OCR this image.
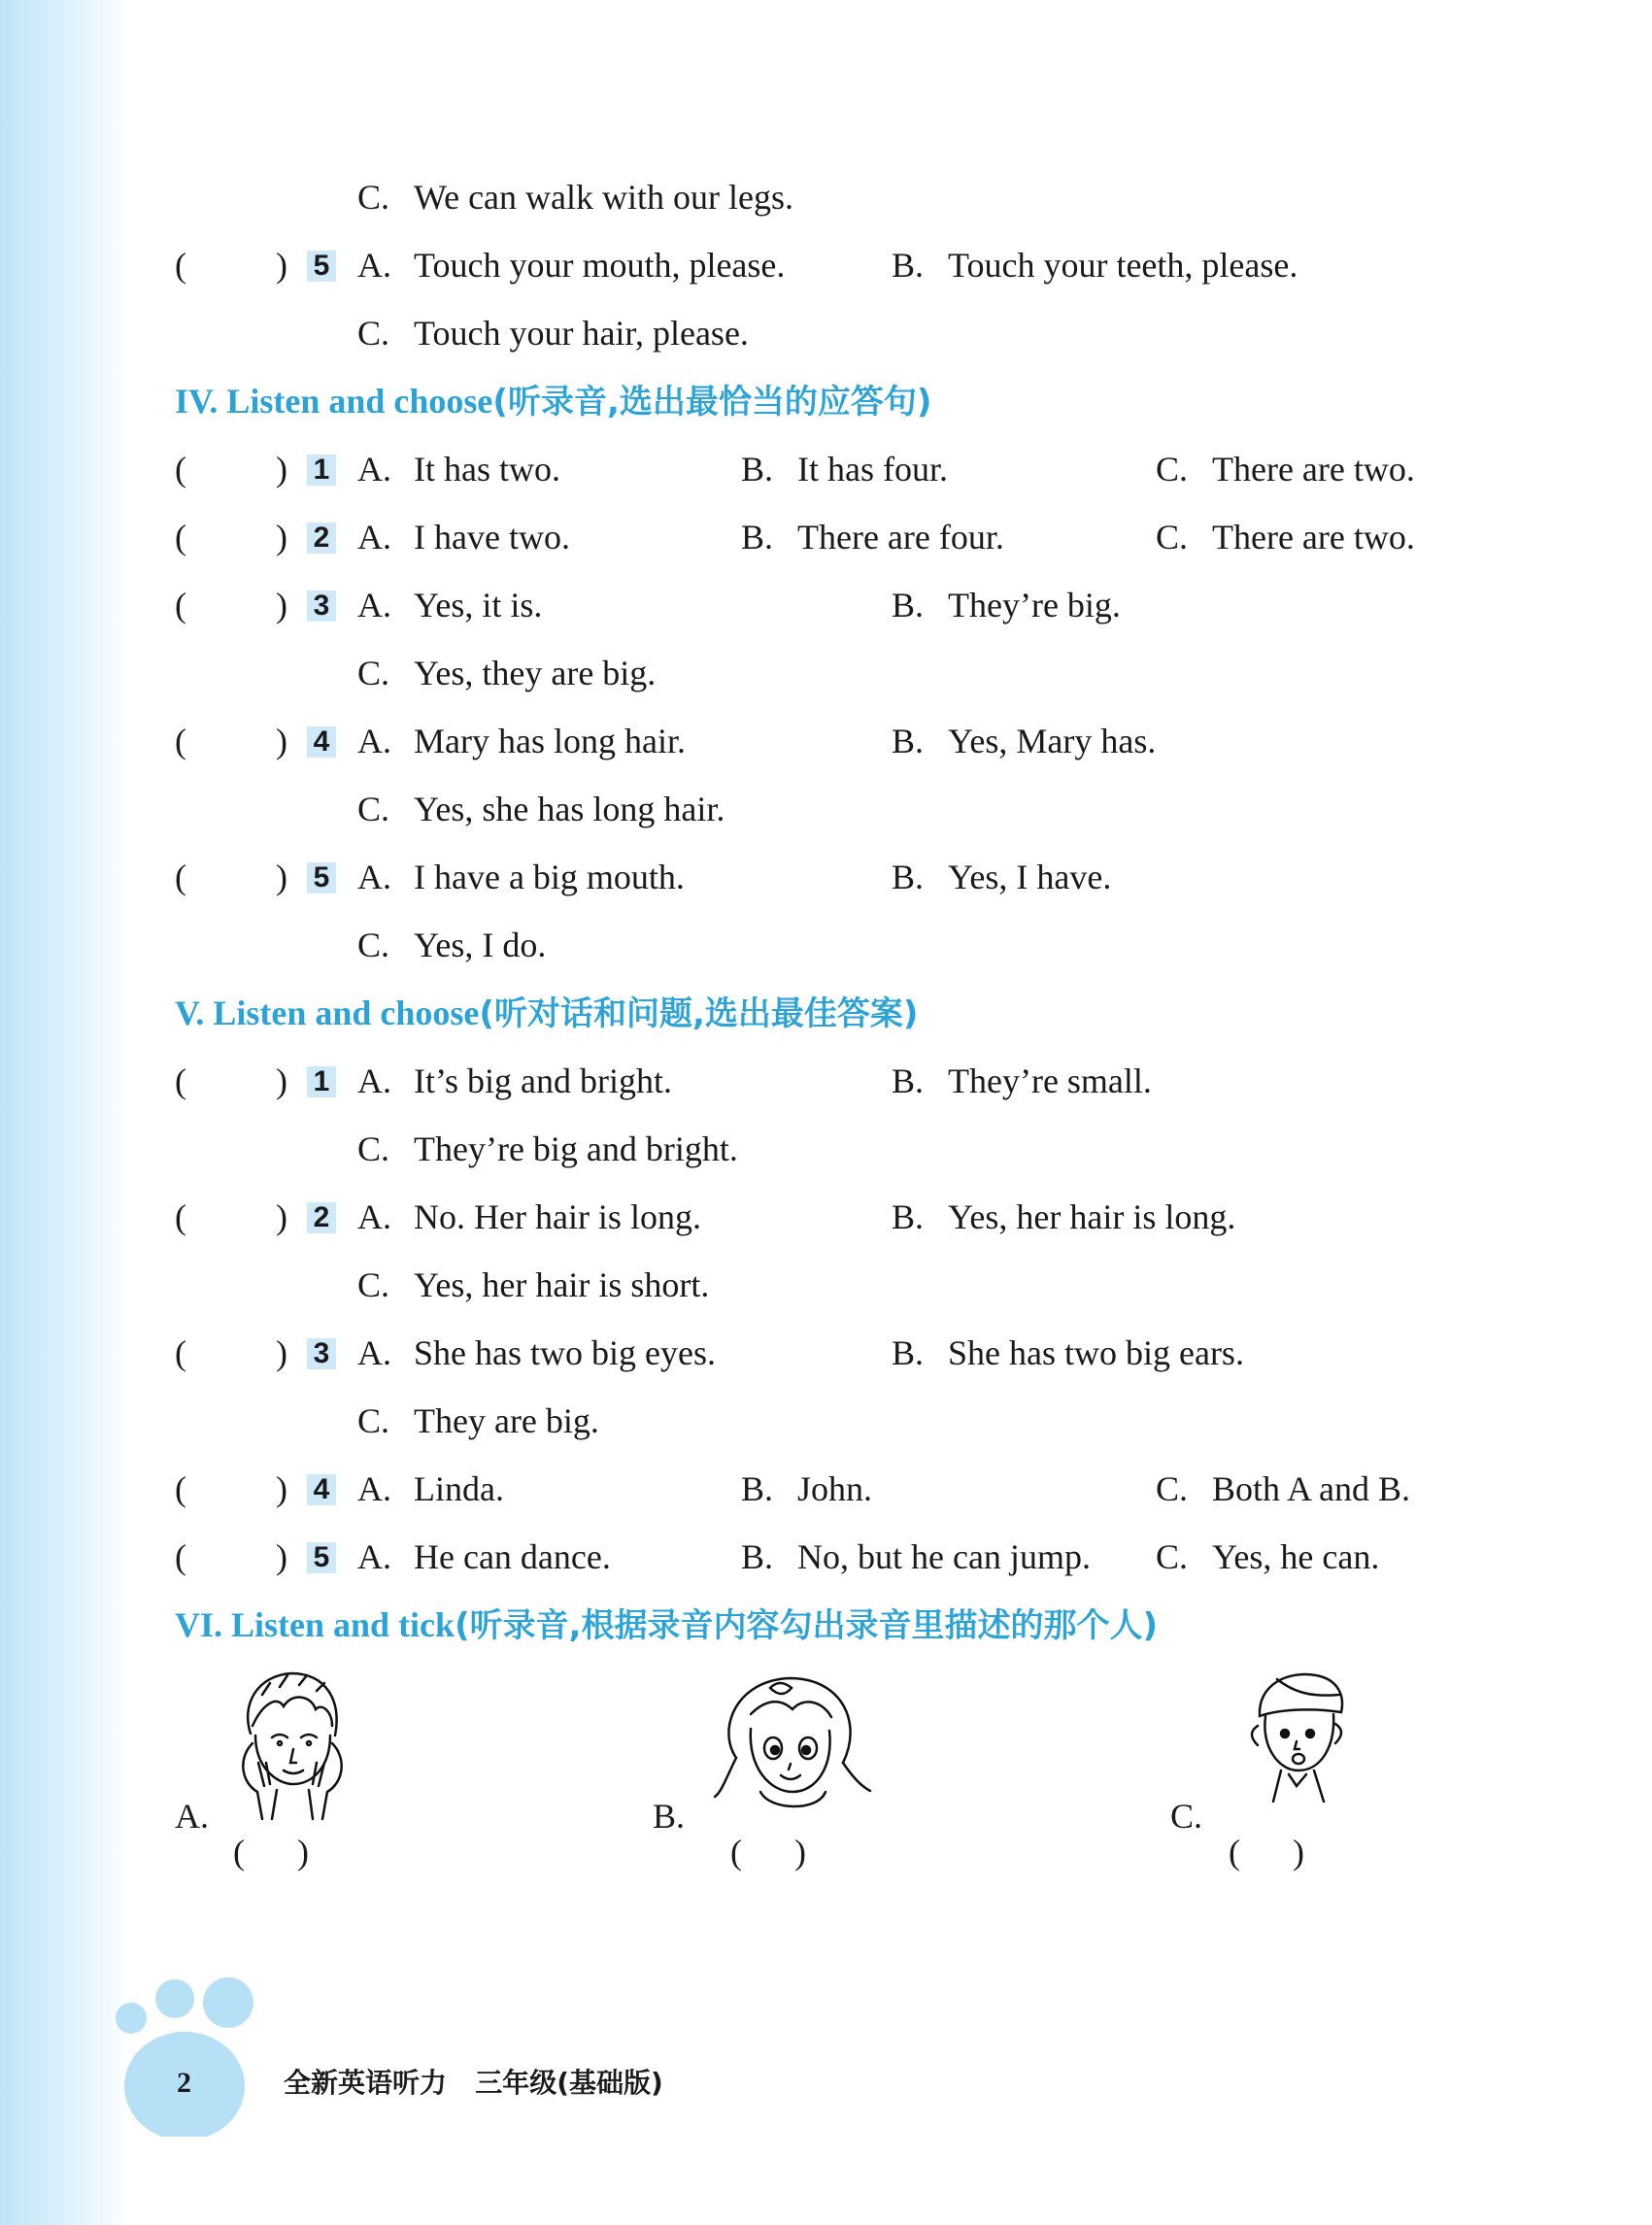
C. We can walk with our legs.
(	) 5 A. Touch your mouth, please.	B. Touch your teeth, please.
C. Touch your hair, please.
IV. Listen and choose(听录音,选出最恰当的应答句)
(	) 1 A. It has two.	B. It has four.	C. There are two.
(	) 2 A. I have two.	B. There are four.	C. There are two.
(	) 3 A. Yes, it is.	B. They’re big.
C. Yes, they are big.
(	) 4 A. Mary has long hair.	B. Yes, Mary has.
C. Yes, she has long hair.
(	) 5 A. I have a big mouth.	B. Yes, I have.
C. Yes, I do.
V. Listen and choose(听对话和问题,选出最佳答案)
(	) 1 A. It’s big and bright.	B. They’re small.
C. They’re big and bright.
(	) 2 A. No. Her hair is long.	B. Yes, her hair is long.
C. Yes, her hair is short.
(	) 3 A. She has two big eyes.	B. She has two big ears.
C. They are big.
(	) 4 A. Linda.	B. John.	C. Both A and B.
(	) 5 A. He can dance.	B. No, but he can jump. C. Yes, he can.
VI. Listen and tick(听录音,根据录音内容勾出录音里描述的那个人)
A.
(      )
B.
(      )
C.
(      )
2	全新英语听力   三年级(基础版)
